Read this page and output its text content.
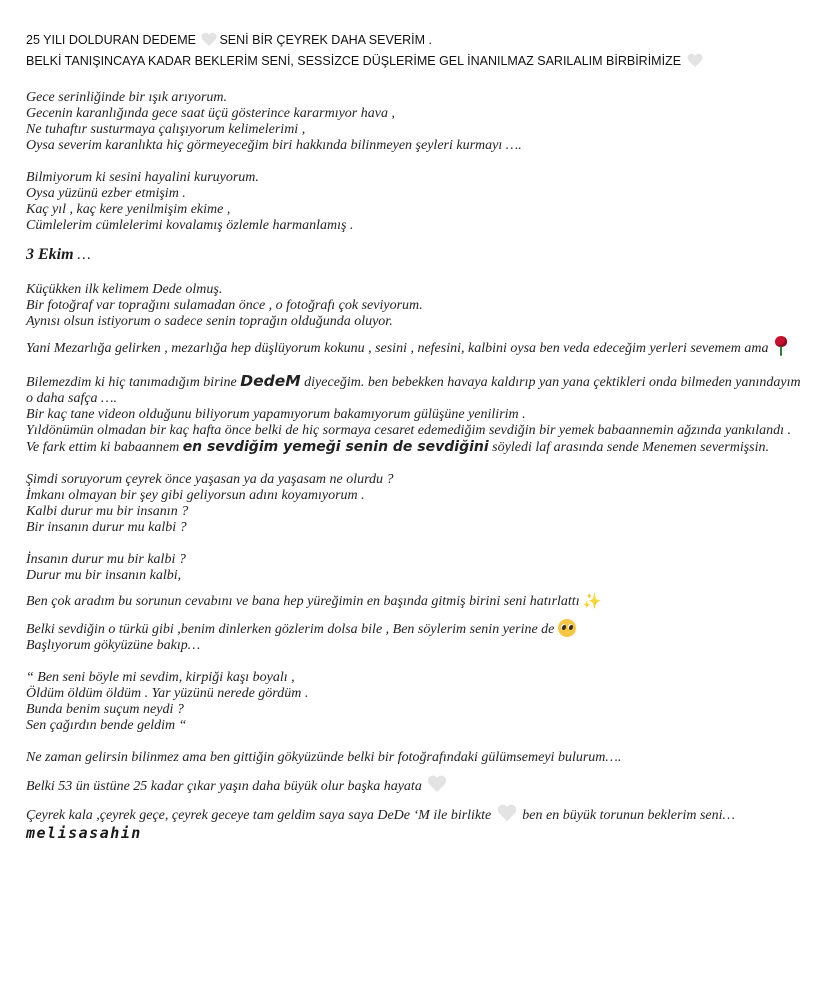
25 YILI DOLDURAN DEDEME SENİ BİR ÇEYREK DAHA SEVERİM .

BELKİ TANIŞINCAYA KADAR BEKLERİM SENİ, SESSİZCE DÜŞLERİME GEL İNANILMAZ SARILALIM BİRBİRİMİZE

Gece serinliğinde bir ışık arıyorum.

Gecenin karanlığında gece saat üçü gösterince kararmıyor hava ,

Ne tuhaftır susturmaya çalışıyorum kelimelerimi ,

Oysa severim karanlıkta hiç görmeyeceğim biri hakkında bilinmeyen şeyleri kurmayı ….

Bilmiyorum ki sesini hayalini kuruyorum.

Oysa yüzünü ezber etmişim .

Kaç yıl , kaç kere yenilmişim ekime ,

Cümlelerim cümlelerimi kovalamış özlemle harmanlamış .

3 Ekim …

Küçükken ilk kelimem Dede olmuş.

Bir fotoğraf var toprağını sulamadan önce , o fotoğrafı çok seviyorum.

Aynısı olsun istiyorum o sadece senin toprağın olduğunda oluyor.

Yani Mezarlığa gelirken , mezarlığa hep düşlüyorum kokunu , sesini , nefesini, kalbini oysa ben veda edeceğim yerleri sevemem ama

Bilemezdim ki hiç tanımadığım birine DedeM diyeceğim. ben bebekken havaya kaldırıp yan yana çektikleri onda bilmeden yanındayım o daha safça ….

Bir kaç tane videon olduğunu biliyorum yapamıyorum bakamıyorum gülüşüne yenilirim .

Yıldönümün olmadan bir kaç hafta önce belki de hiç sormaya cesaret edemediğim sevdiğin bir yemek babaannemin ağzında yankılandı .

Ve fark ettim ki babaannem en sevdiğim yemeği senin de sevdiğini söyledi laf arasında sende Menemen severmişsin.

Şimdi soruyorum çeyrek önce yaşasan ya da yaşasam ne olurdu ?

İmkanı olmayan bir şey gibi geliyorsun adını koyamıyorum .

Kalbi durur mu bir insanın ?

Bir insanın durur mu kalbi ?

İnsanın durur mu bir kalbi ?

Durur mu bir insanın kalbi,

Ben çok aradım bu sorunun cevabını ve bana hep yüreğimin en başında gitmiş birini seni hatırlattı ✨

Belki sevdiğin o türkü gibi ,benim dinlerken gözlerim dolsa bile , Ben söylerim senin yerine de

Başlıyorum gökyüzüne bakıp…

“ Ben seni böyle mi sevdim, kirpiği kaşı boyalı ,

Öldüm öldüm öldüm . Yar yüzünü nerede gördüm .

Bunda benim suçum neydi ?

Sen çağırdın bende geldim “

Ne zaman gelirsin bilinmez ama ben gittiğin gökyüzünde belki bir fotoğrafındaki gülümsemeyi bulurum….

Belki 53 ün üstüne 25 kadar çıkar yaşın daha büyük olur başka hayata

Çeyrek kala ,çeyrek geçe, çeyrek geceye tam geldim saya saya DeDe ‘M ile birlikte  ben en büyük torunun beklerim seni…

melisasahin
